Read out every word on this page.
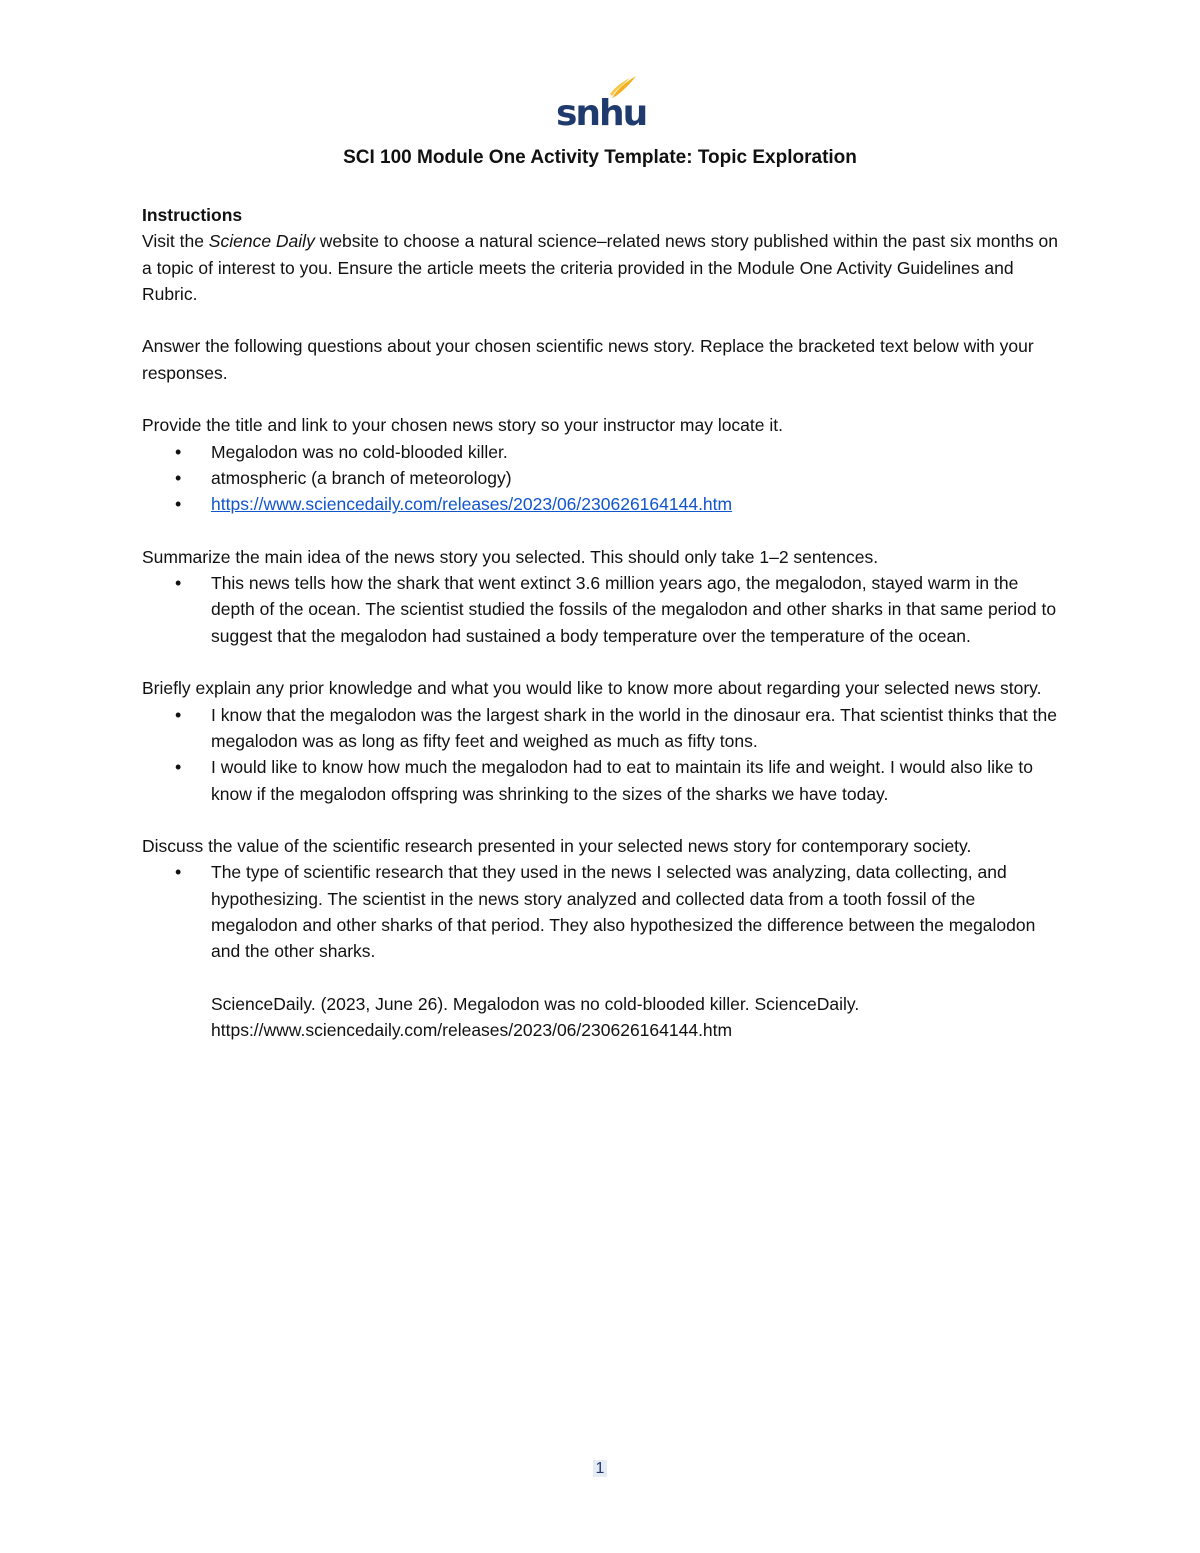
snhu
SCI 100 Module One Activity Template: Topic Exploration

Instructions

Visit the Science Daily website to choose a natural science–related news story published within the past six months on a topic of interest to you. Ensure the article meets the criteria provided in the Module One Activity Guidelines and Rubric.

Answer the following questions about your chosen scientific news story. Replace the bracketed text below with your responses.

Provide the title and link to your chosen news story so your instructor may locate it.

• Megalodon was no cold-blooded killer.
• atmospheric (a branch of meteorology)
• https://www.sciencedaily.com/releases/2023/06/230626164144.htm

Summarize the main idea of the news story you selected. This should only take 1–2 sentences.

• This news tells how the shark that went extinct 3.6 million years ago, the megalodon, stayed warm in the depth of the ocean. The scientist studied the fossils of the megalodon and other sharks in that same period to suggest that the megalodon had sustained a body temperature over the temperature of the ocean.

Briefly explain any prior knowledge and what you would like to know more about regarding your selected news story.

• I know that the megalodon was the largest shark in the world in the dinosaur era. That scientist thinks that the megalodon was as long as fifty feet and weighed as much as fifty tons.
• I would like to know how much the megalodon had to eat to maintain its life and weight. I would also like to know if the megalodon offspring was shrinking to the sizes of the sharks we have today.

Discuss the value of the scientific research presented in your selected news story for contemporary society.

• The type of scientific research that they used in the news I selected was analyzing, data collecting, and hypothesizing. The scientist in the news story analyzed and collected data from a tooth fossil of the megalodon and other sharks of that period. They also hypothesized the difference between the megalodon and the other sharks.

ScienceDaily. (2023, June 26). Megalodon was no cold-blooded killer. ScienceDaily. https://www.sciencedaily.com/releases/2023/06/230626164144.htm

1
